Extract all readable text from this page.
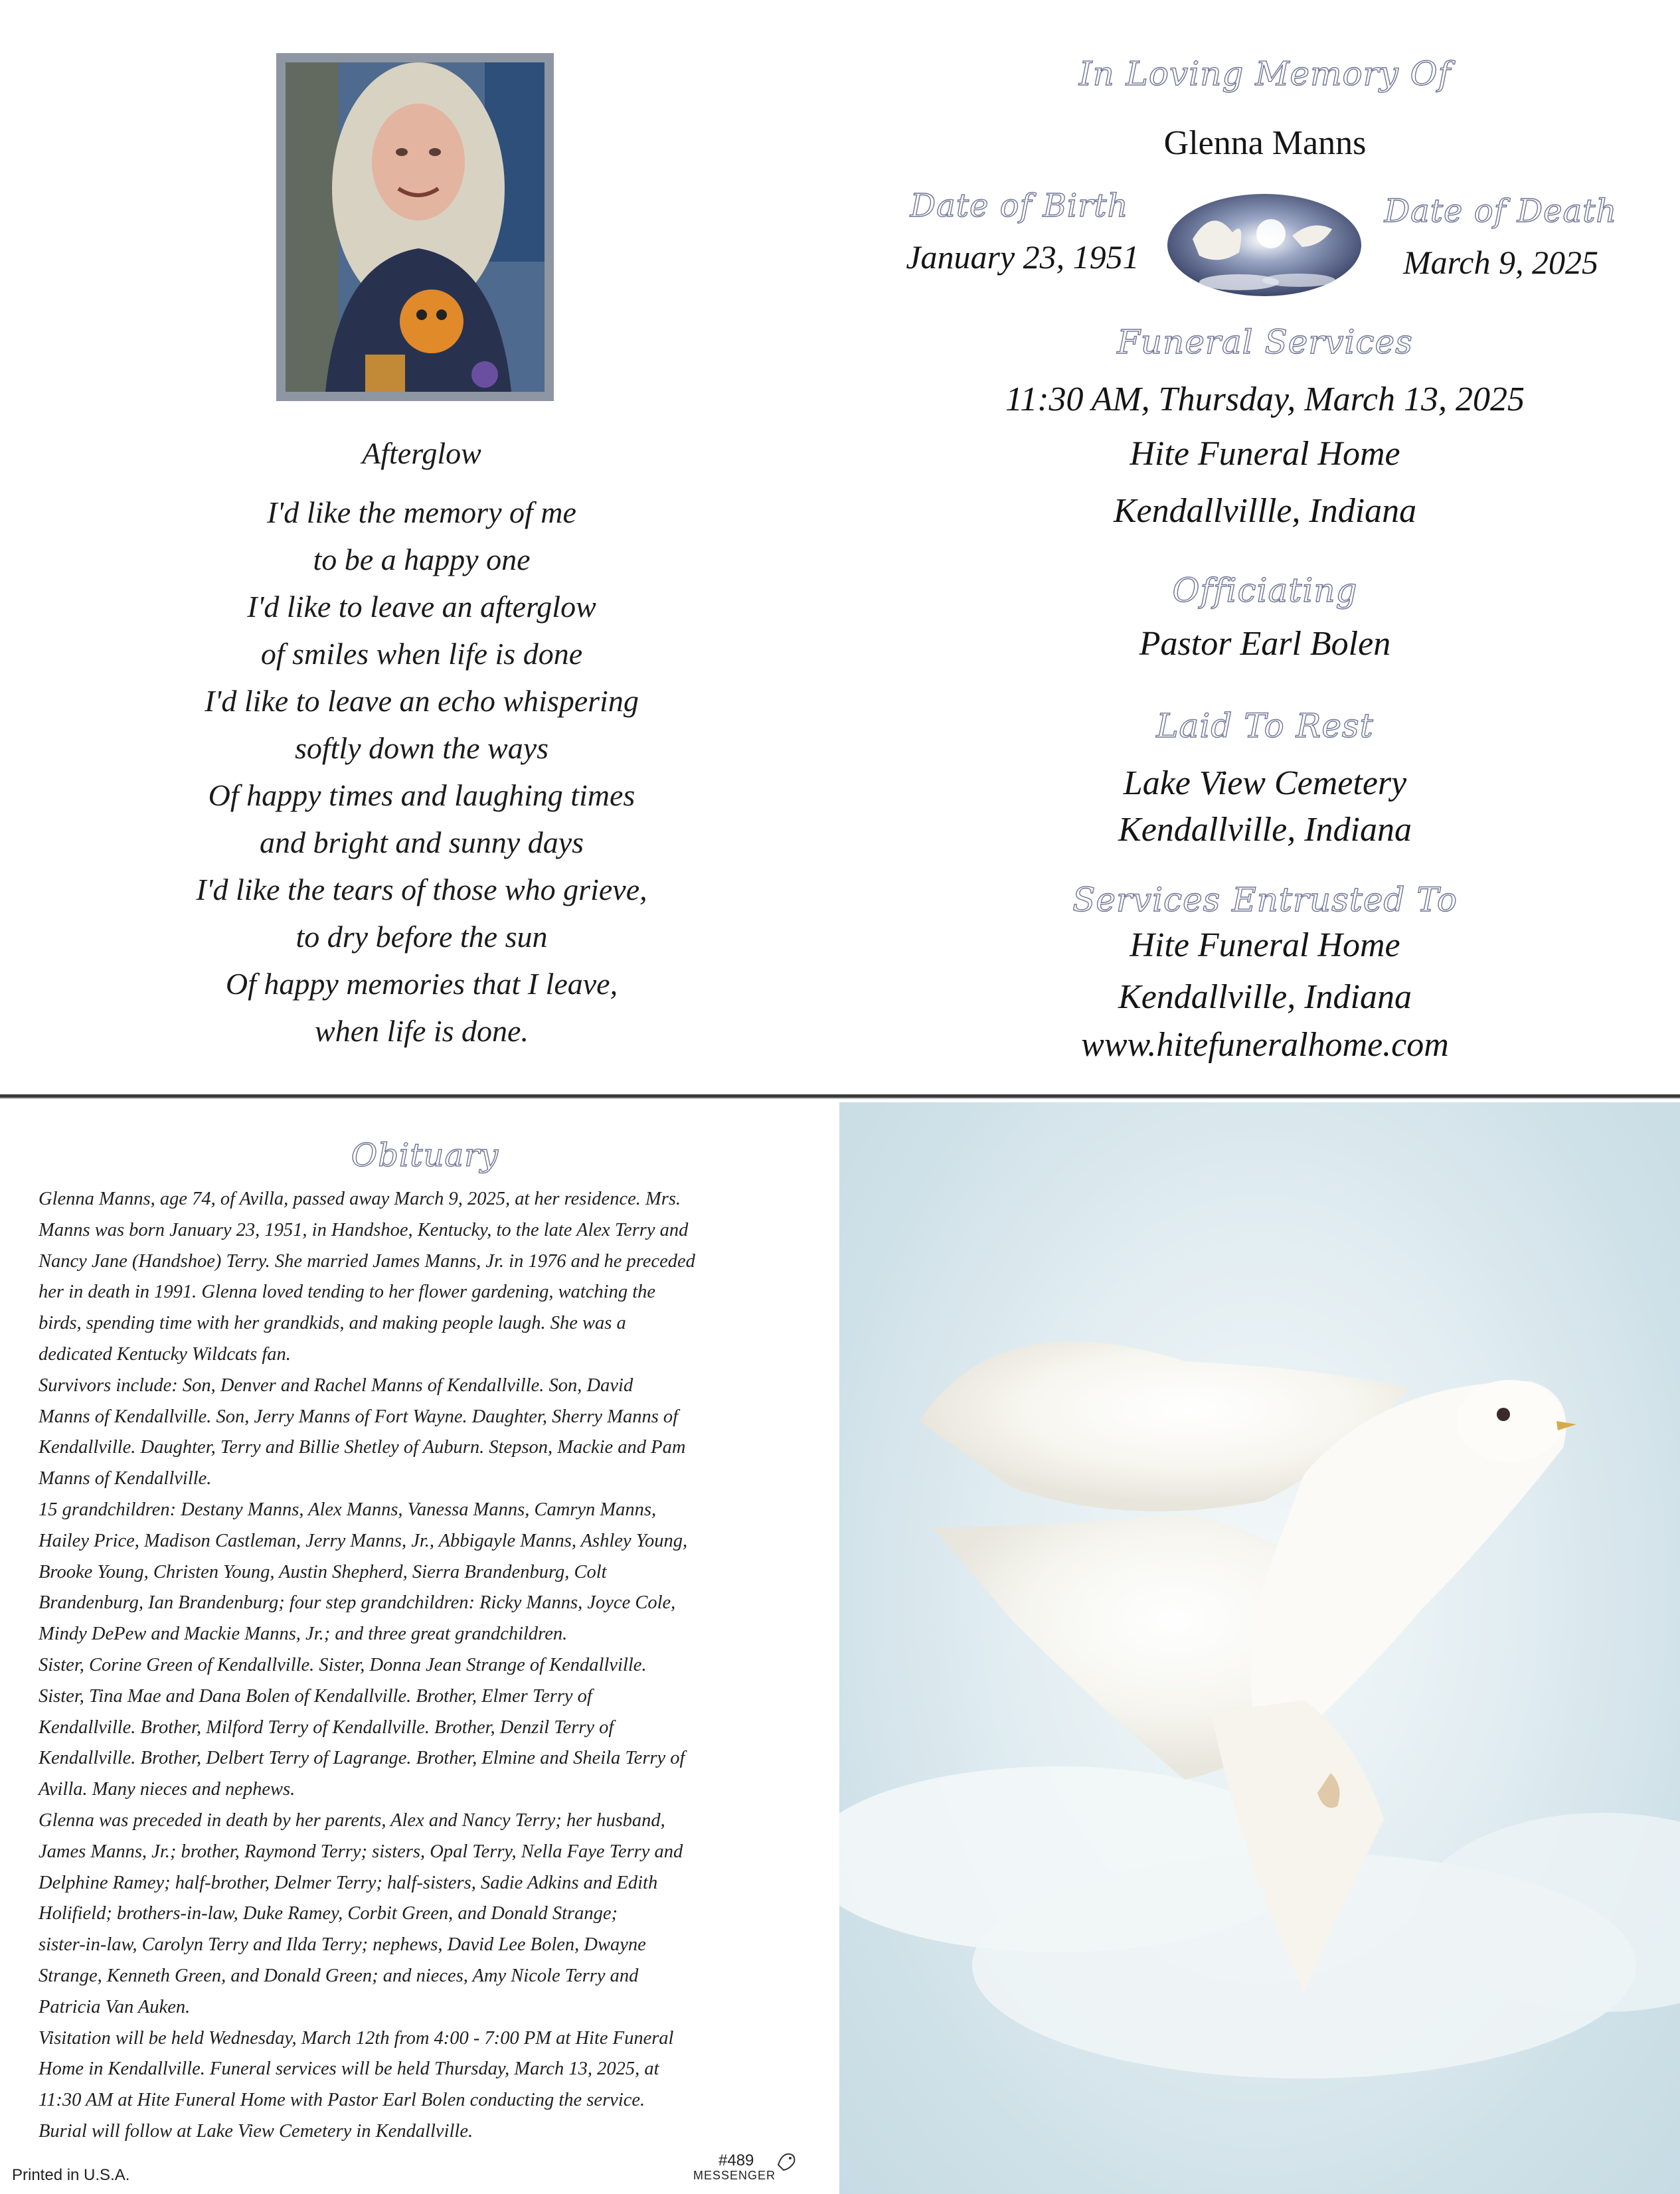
Afterglow
I'd like the memory of me
to be a happy one
I'd like to leave an afterglow
of smiles when life is done
I'd like to leave an echo whispering
softly down the ways
Of happy times and laughing times
and bright and sunny days
I'd like the tears of those who grieve,
to dry before the sun
Of happy memories that I leave,
when life is done.
In Loving Memory Of
Glenna Manns
Date of Birth
January 23, 1951
Date of Death
March 9, 2025
Funeral Services
11:30 AM, Thursday, March 13, 2025
Hite Funeral Home
Kendallvillle, Indiana
Officiating
Pastor Earl Bolen
Laid To Rest
Lake View Cemetery
Kendallville, Indiana
Services Entrusted To
Hite Funeral Home
Kendallville, Indiana
www.hitefuneralhome.com
Obituary
Glenna Manns, age 74, of Avilla, passed away March 9, 2025, at her residence. Mrs.
Manns was born January 23, 1951, in Handshoe, Kentucky, to the late Alex Terry and
Nancy Jane (Handshoe) Terry. She married James Manns, Jr. in 1976 and he preceded
her in death in 1991. Glenna loved tending to her flower gardening, watching the
birds, spending time with her grandkids, and making people laugh. She was a
dedicated Kentucky Wildcats fan.
Survivors include: Son, Denver and Rachel Manns of Kendallville. Son, David
Manns of Kendallville. Son, Jerry Manns of Fort Wayne. Daughter, Sherry Manns of
Kendallville. Daughter, Terry and Billie Shetley of Auburn. Stepson, Mackie and Pam
Manns of Kendallville.
15 grandchildren: Destany Manns, Alex Manns, Vanessa Manns, Camryn Manns,
Hailey Price, Madison Castleman, Jerry Manns, Jr., Abbigayle Manns, Ashley Young,
Brooke Young, Christen Young, Austin Shepherd, Sierra Brandenburg, Colt
Brandenburg, Ian Brandenburg; four step grandchildren: Ricky Manns, Joyce Cole,
Mindy DePew and Mackie Manns, Jr.; and three great grandchildren.
Sister, Corine Green of Kendallville. Sister, Donna Jean Strange of Kendallville.
Sister, Tina Mae and Dana Bolen of Kendallville. Brother, Elmer Terry of
Kendallville. Brother, Milford Terry of Kendallville. Brother, Denzil Terry of
Kendallville. Brother, Delbert Terry of Lagrange. Brother, Elmine and Sheila Terry of
Avilla. Many nieces and nephews.
Glenna was preceded in death by her parents, Alex and Nancy Terry; her husband,
James Manns, Jr.; brother, Raymond Terry; sisters, Opal Terry, Nella Faye Terry and
Delphine Ramey; half-brother, Delmer Terry; half-sisters, Sadie Adkins and Edith
Holifield; brothers-in-law, Duke Ramey, Corbit Green, and Donald Strange;
sister-in-law, Carolyn Terry and Ilda Terry; nephews, David Lee Bolen, Dwayne
Strange, Kenneth Green, and Donald Green; and nieces, Amy Nicole Terry and
Patricia Van Auken.
Visitation will be held Wednesday, March 12th from 4:00 - 7:00 PM at Hite Funeral
Home in Kendallville. Funeral services will be held Thursday, March 13, 2025, at
11:30 AM at Hite Funeral Home with Pastor Earl Bolen conducting the service.
Burial will follow at Lake View Cemetery in Kendallville.
Printed in U.S.A.
#489
MESSENGER
